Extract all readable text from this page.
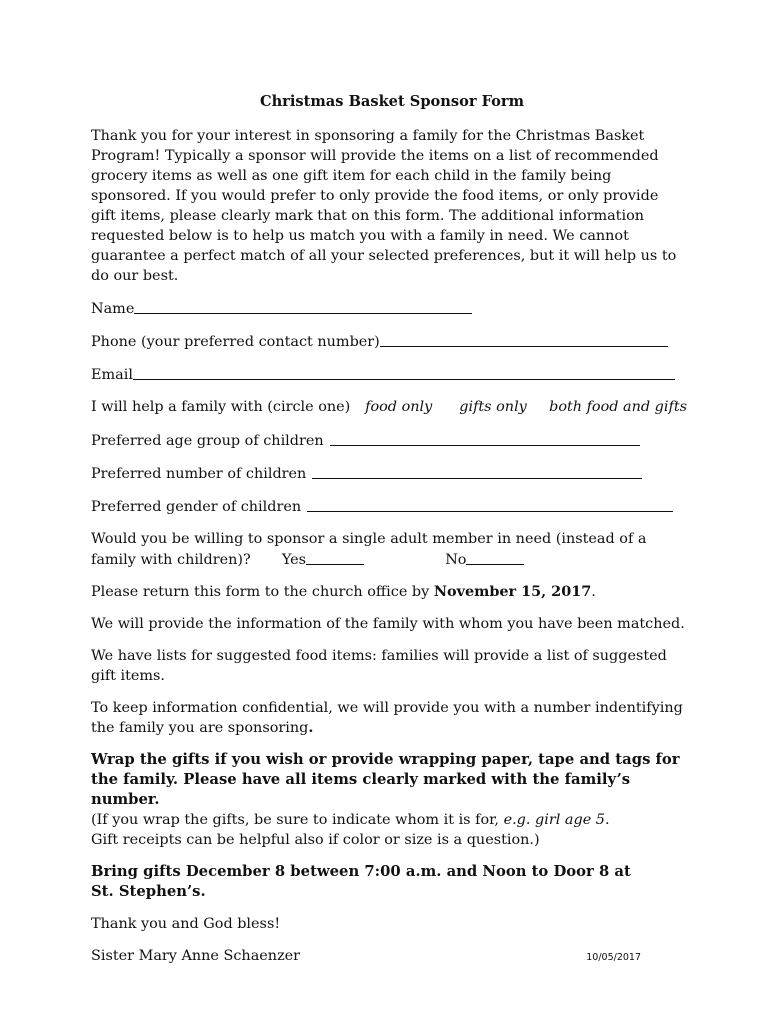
Christmas Basket Sponsor Form

Thank you for your interest in sponsoring a family for the Christmas Basket Program! Typically a sponsor will provide the items on a list of recommended grocery items as well as one gift item for each child in the family being sponsored. If you would prefer to only provide the food items, or only provide gift items, please clearly mark that on this form. The additional information requested below is to help us match you with a family in need. We cannot guarantee a perfect match of all your selected preferences, but it will help us to do our best.

Name
Phone (your preferred contact number)
Email
I will help a family with (circle one) food only gifts only both food and gifts
Preferred age group of children
Preferred number of children
Preferred gender of children
Would you be willing to sponsor a single adult member in need (instead of a family with children)? Yes	No

Please return this form to the church office by November 15, 2017.

We will provide the information of the family with whom you have been matched.

We have lists for suggested food items: families will provide a list of suggested gift items.

To keep information confidential, we will provide you with a number indentifying the family you are sponsoring.

Wrap the gifts if you wish or provide wrapping paper, tape and tags for the family. Please have all items clearly marked with the family’s number.
(If you wrap the gifts, be sure to indicate whom it is for, e.g. girl age 5.
Gift receipts can be helpful also if color or size is a question.)
Bring gifts December 8 between 7:00 a.m. and Noon to Door 8 at
St. Stephen’s.

Thank you and God bless!

Sister Mary Anne Schaenzer	10/05/2017
